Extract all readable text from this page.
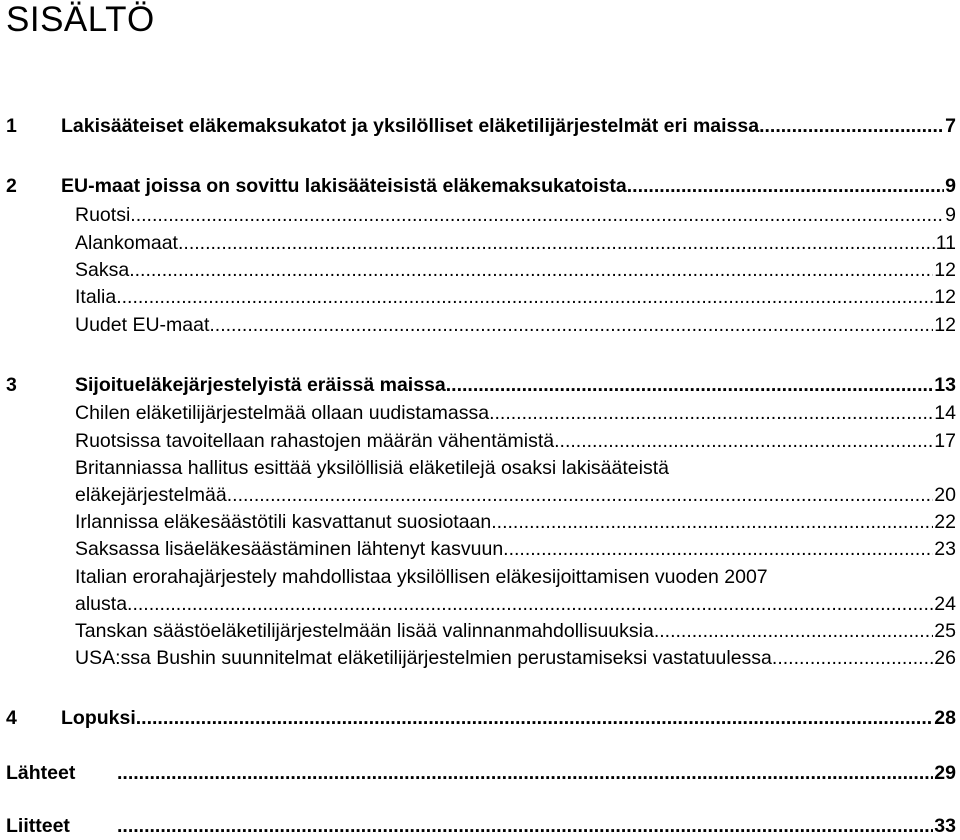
SISÄLTÖ
1	Lakisääteiset eläkemaksukatot ja yksilölliset eläketilijärjestelmät eri maissa .....	7
2	EU-maat joissa on sovittu lakisääteisistä eläkemaksukatoista .....	9
Ruotsi .....	9
Alankomaat .....	11
Saksa .....	12
Italia .....	12
Uudet EU-maat .....	12
3	Sijoitueläkejärjestelyistä eräissä maissa .....	13
Chilen eläketilijärjestelmää ollaan uudistamassa .....	14
Ruotsissa tavoitellaan rahastojen määrän vähentämistä .....	17
Britanniassa hallitus esittää yksilöllisiä eläketilejä osaksi lakisääteistä
eläkejärjestelmää .....	20
Irlannissa eläkesäästötili kasvattanut suosiotaan .....	22
Saksassa lisäeläkesäästäminen lähtenyt kasvuun .....	23
Italian erorahajärjestely mahdollistaa yksilöllisen eläkesijoittamisen vuoden 2007
alusta .....	24
Tanskan säästöeläketilijärjestelmään lisää valinnanmahdollisuuksia .....	25
USA:ssa Bushin suunnitelmat eläketilijärjestelmien perustamiseksi vastatuulessa .....	26
4	Lopuksi .....	28
Lähteet .....	29
Liitteet .....	33
